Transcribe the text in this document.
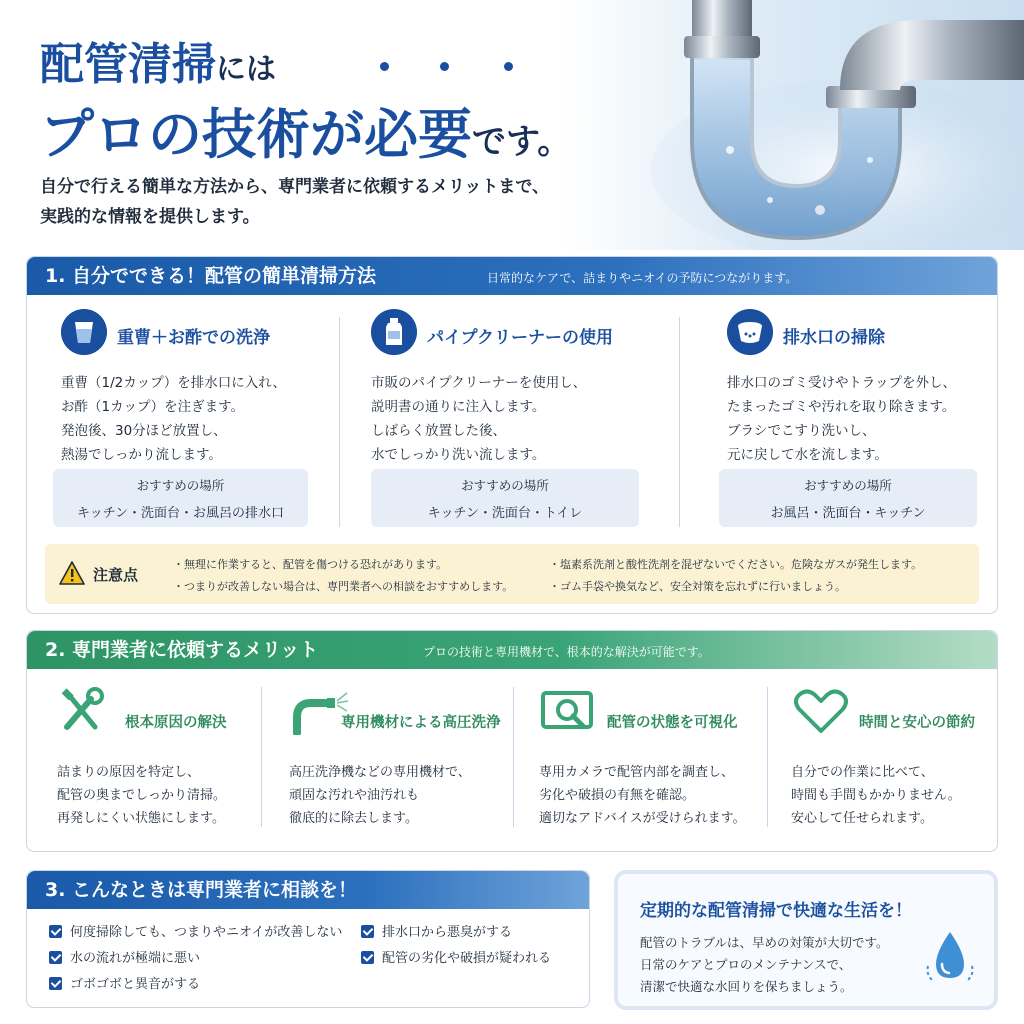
配管清掃には
プロの技術が必要です。
自分で行える簡単な方法から、専門業者に依頼するメリットまで、
実践的な情報を提供します。
1. 自分でできる！配管の簡単清掃方法	日常的なケアで、詰まりやニオイの予防につながります。
重曹＋お酢での洗浄
重曹（1/2カップ）を排水口に入れ、
お酢（1カップ）を注ぎます。
発泡後、30分ほど放置し、
熱湯でしっかり流します。
おすすめの場所
キッチン・洗面台・お風呂の排水口
パイプクリーナーの使用
市販のパイプクリーナーを使用し、
説明書の通りに注入します。
しばらく放置した後、
水でしっかり洗い流します。
おすすめの場所
キッチン・洗面台・トイレ
排水口の掃除
排水口のゴミ受けやトラップを外し、
たまったゴミや汚れを取り除きます。
ブラシでこすり洗いし、
元に戻して水を流します。
おすすめの場所
お風呂・洗面台・キッチン
注意点
・無理に作業すると、配管を傷つける恐れがあります。
・つまりが改善しない場合は、専門業者への相談をおすすめします。
・塩素系洗剤と酸性洗剤を混ぜないでください。危険なガスが発生します。
・ゴム手袋や換気など、安全対策を忘れずに行いましょう。
2. 専門業者に依頼するメリット	プロの技術と専用機材で、根本的な解決が可能です。
根本原因の解決
詰まりの原因を特定し、
配管の奥までしっかり清掃。
再発しにくい状態にします。
専用機材による高圧洗浄
高圧洗浄機などの専用機材で、
頑固な汚れや油汚れも
徹底的に除去します。
配管の状態を可視化
専用カメラで配管内部を調査し、
劣化や破損の有無を確認。
適切なアドバイスが受けられます。
時間と安心の節約
自分での作業に比べて、
時間も手間もかかりません。
安心して任せられます。
3. こんなときは専門業者に相談を！
何度掃除しても、つまりやニオイが改善しない
水の流れが極端に悪い
ゴボゴボと異音がする
排水口から悪臭がする
配管の劣化や破損が疑われる
定期的な配管清掃で快適な生活を！
配管のトラブルは、早めの対策が大切です。
日常のケアとプロのメンテナンスで、
清潔で快適な水回りを保ちましょう。
